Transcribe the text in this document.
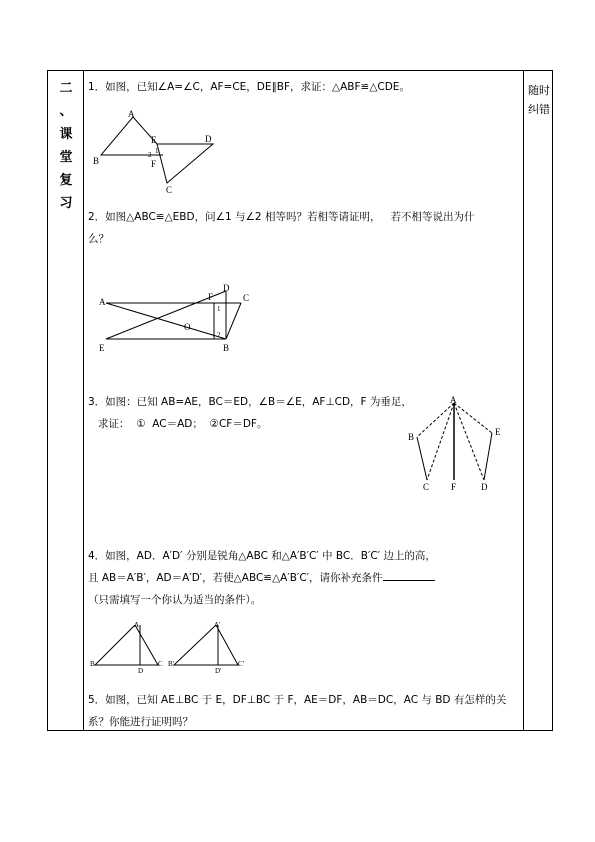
二
、
课
堂
复
习
随时
纠错
1．如图，已知∠A=∠C，AF=CE，DE∥BF，求证：△ABF≌△CDE。
A
B
C
D
E
F
1
2
2．如图△ABC≌△EBD，问∠1 与∠2 相等吗？若相等请证明，   若不相等说出为什
么？
A
E	B
D
F	C
O
1
2
3．如图：已知 AB=AE，BC＝ED，∠B＝∠E，AF⊥CD，F 为垂足，
求证：  ①  AC＝AD；  ②CF＝DF。
A
B	E
C F	D
4．如图，AD．A′D′ 分别是锐角△ABC 和△A′B′C′ 中 BC．B′C′ 边上的高，
且 AB＝A′B′，AD＝A′D′，若使△ABC≌△A′B′C′，请你补充条件
（只需填写一个你认为适当的条件）。
A
B	C
D
A'
B'	C'
D'
5．如图，已知 AE⊥BC 于 E，DF⊥BC 于 F，AE＝DF，AB＝DC，AC 与 BD 有怎样的关
系？你能进行证明吗？
